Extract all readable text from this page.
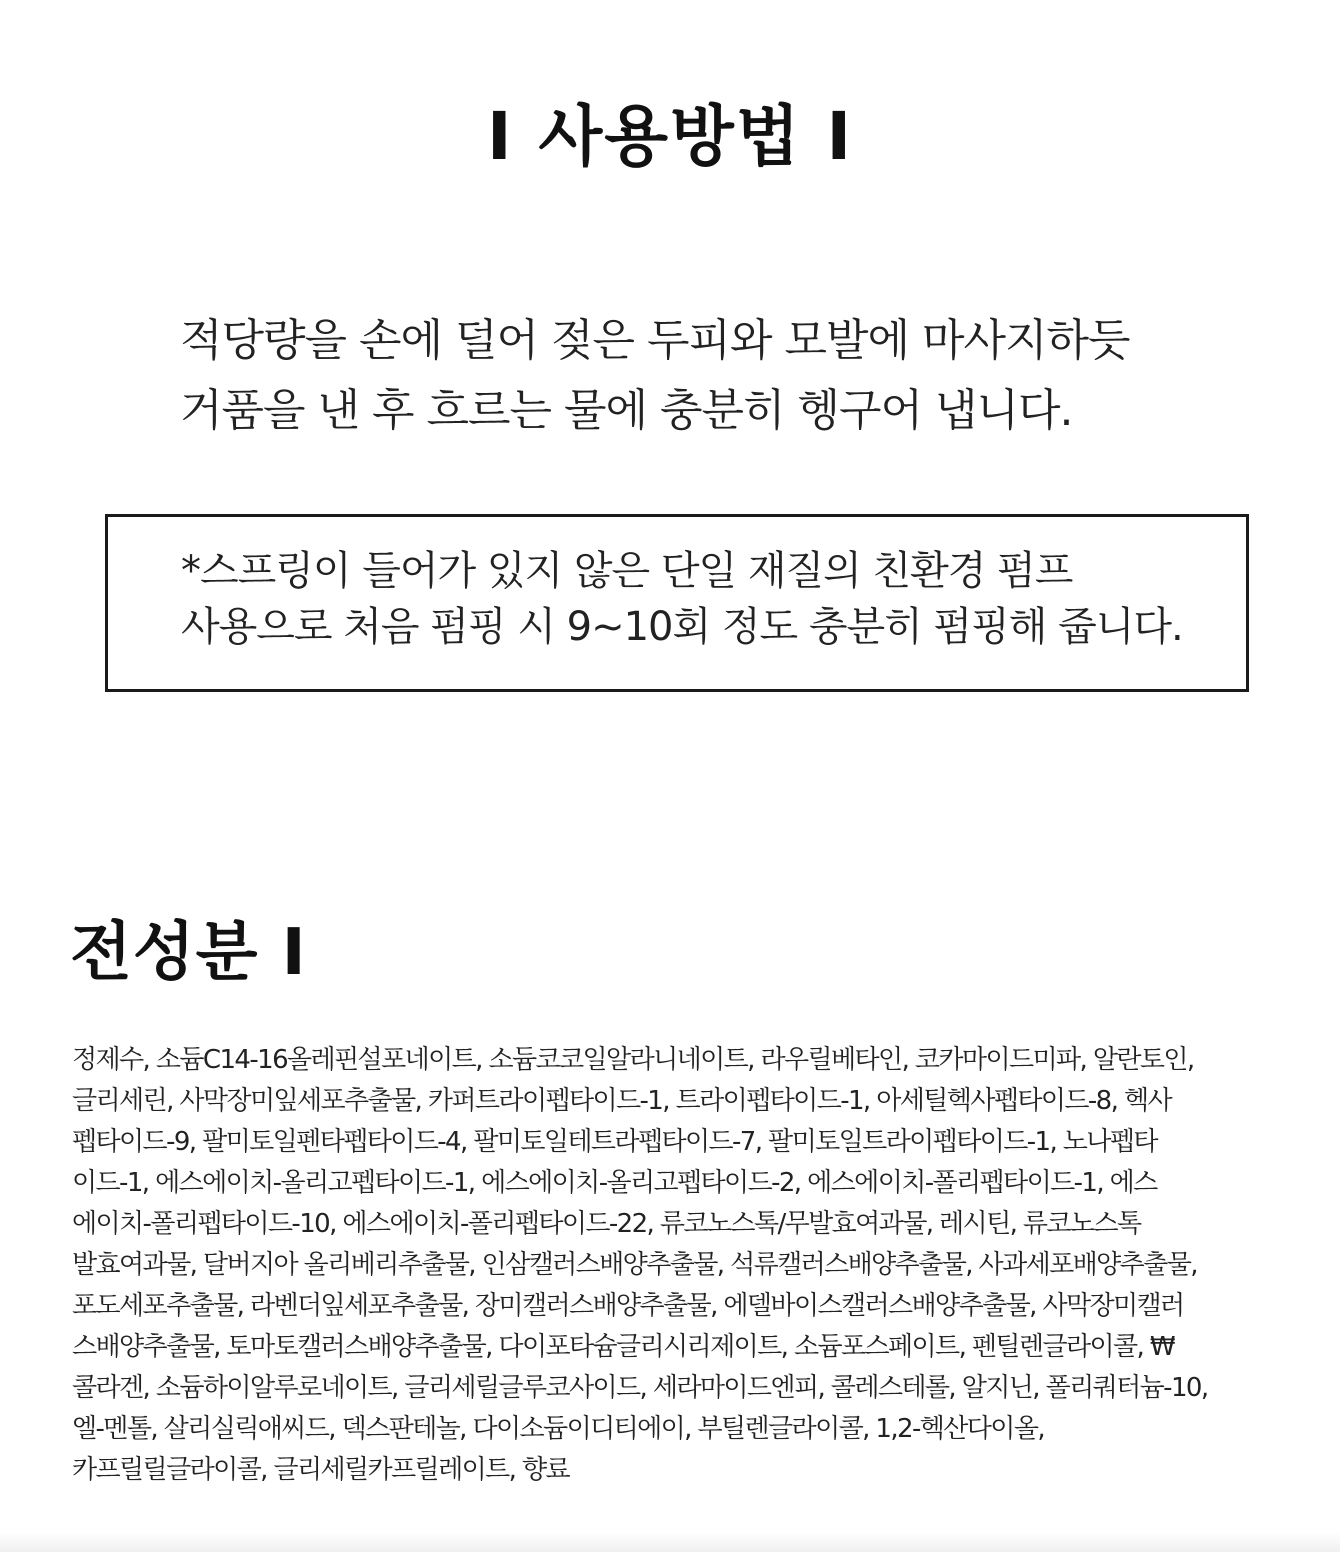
I 사용방법 I
적당량을 손에 덜어 젖은 두피와 모발에 마사지하듯
거품을 낸 후 흐르는 물에 충분히 헹구어 냅니다.
*스프링이 들어가 있지 않은 단일 재질의 친환경 펌프
사용으로 처음 펌핑 시 9~10회 정도 충분히 펌핑해 줍니다.
전성분 I
정제수, 소듐C14-16올레핀설포네이트, 소듐코코일알라니네이트, 라우릴베타인, 코카마이드미파, 알란토인,
글리세린, 사막장미잎세포추출물, 카퍼트라이펩타이드-1, 트라이펩타이드-1, 아세틸헥사펩타이드-8, 헥사
펩타이드-9, 팔미토일펜타펩타이드-4, 팔미토일테트라펩타이드-7, 팔미토일트라이펩타이드-1, 노나펩타
이드-1, 에스에이치-올리고펩타이드-1, 에스에이치-올리고펩타이드-2, 에스에이치-폴리펩타이드-1, 에스
에이치-폴리펩타이드-10, 에스에이치-폴리펩타이드-22, 류코노스톡/무발효여과물, 레시틴, 류코노스톡
발효여과물, 달버지아 올리베리추출물, 인삼캘러스배양추출물, 석류캘러스배양추출물, 사과세포배양추출물,
포도세포추출물, 라벤더잎세포추출물, 장미캘러스배양추출물, 에델바이스캘러스배양추출물, 사막장미캘러
스배양추출물, 토마토캘러스배양추출물, 다이포타슘글리시리제이트, 소듐포스페이트, 펜틸렌글라이콜, ₩
콜라겐, 소듐하이알루로네이트, 글리세릴글루코사이드, 세라마이드엔피, 콜레스테롤, 알지닌, 폴리쿼터늄-10,
엘-멘톨, 살리실릭애씨드, 덱스판테놀, 다이소듐이디티에이, 부틸렌글라이콜, 1,2-헥산다이올,
카프릴릴글라이콜, 글리세릴카프릴레이트, 향료
